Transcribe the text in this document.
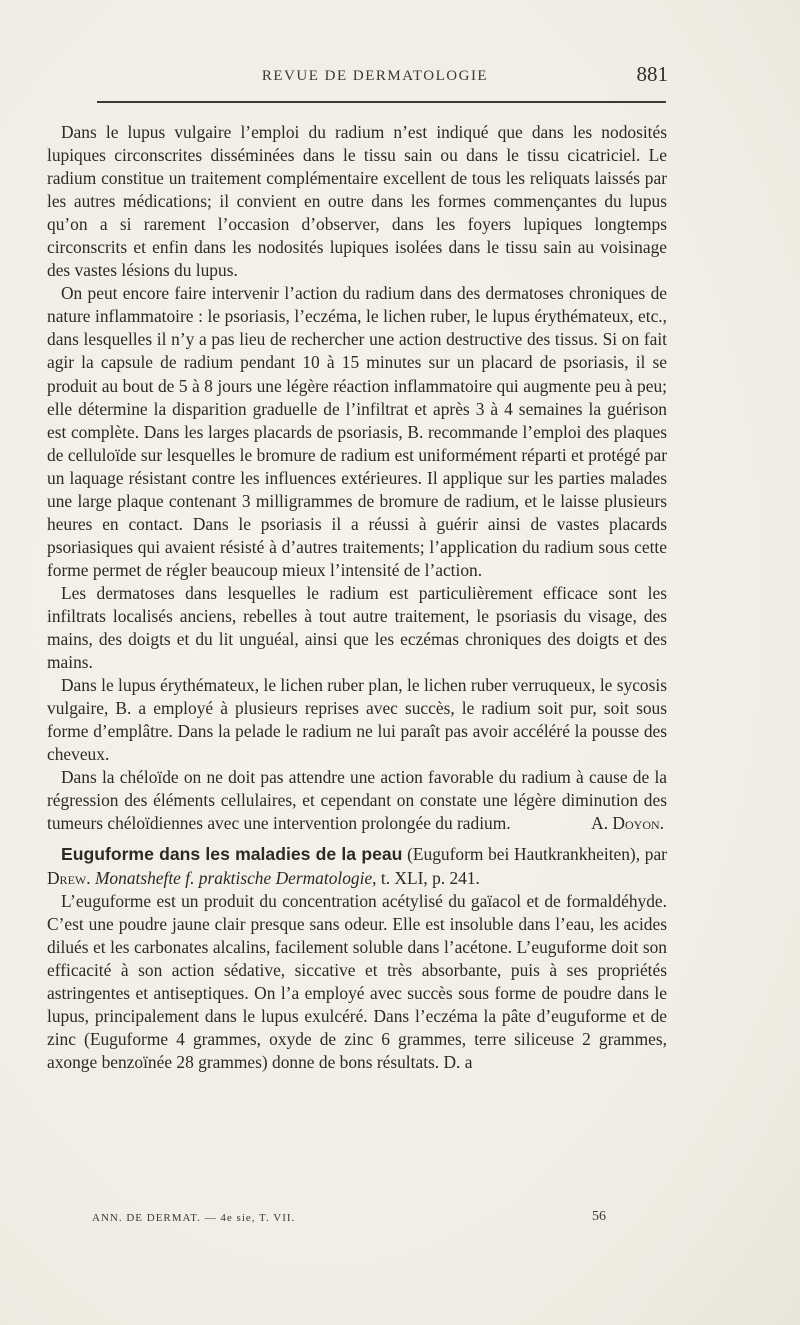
REVUE DE DERMATOLOGIE	881

Dans le lupus vulgaire l’emploi du radium n’est indiqué que dans les nodosités lupiques circonscrites disséminées dans le tissu sain ou dans le tissu cicatriciel. Le radium constitue un traitement complémentaire excellent de tous les reliquats laissés par les autres médications; il convient en outre dans les formes commençantes du lupus qu’on a si rarement l’occasion d’observer, dans les foyers lupiques longtemps circonscrits et enfin dans les nodosités lupiques isolées dans le tissu sain au voisinage des vastes lésions du lupus.

On peut encore faire intervenir l’action du radium dans des dermatoses chroniques de nature inflammatoire : le psoriasis, l’eczéma, le lichen ruber, le lupus érythémateux, etc., dans lesquelles il n’y a pas lieu de rechercher une action destructive des tissus. Si on fait agir la capsule de radium pendant 10 à 15 minutes sur un placard de psoriasis, il se produit au bout de 5 à 8 jours une légère réaction inflammatoire qui augmente peu à peu; elle détermine la disparition graduelle de l’infiltrat et après 3 à 4 semaines la guérison est complète. Dans les larges placards de psoriasis, B. recommande l’emploi des plaques de celluloïde sur lesquelles le bromure de radium est uniformément réparti et protégé par un laquage résistant contre les influences extérieures. Il applique sur les parties malades une large plaque contenant 3 milligrammes de bromure de radium, et le laisse plusieurs heures en contact. Dans le psoriasis il a réussi à guérir ainsi de vastes placards psoriasiques qui avaient résisté à d’autres traitements; l’application du radium sous cette forme permet de régler beaucoup mieux l’intensité de l’action.

Les dermatoses dans lesquelles le radium est particulièrement efficace sont les infiltrats localisés anciens, rebelles à tout autre traitement, le psoriasis du visage, des mains, des doigts et du lit unguéal, ainsi que les eczémas chroniques des doigts et des mains.

Dans le lupus érythémateux, le lichen ruber plan, le lichen ruber verruqueux, le sycosis vulgaire, B. a employé à plusieurs reprises avec succès, le radium soit pur, soit sous forme d’emplâtre. Dans la pelade le radium ne lui paraît pas avoir accéléré la pousse des cheveux.

Dans la chéloïde on ne doit pas attendre une action favorable du radium à cause de la régression des éléments cellulaires, et cependant on constate une légère diminution des tumeurs chéloïdiennes avec une intervention prolongée du radium.	A. Doyon.

Euguforme dans les maladies de la peau (Euguform bei Hautkrankheiten), par Drew. Monatshefte f. praktische Dermatologie, t. XLI, p. 241.

L’euguforme est un produit du concentration acétylisé du gaïacol et de formaldéhyde. C’est une poudre jaune clair presque sans odeur. Elle est insoluble dans l’eau, les acides dilués et les carbonates alcalins, facilement soluble dans l’acétone. L’euguforme doit son efficacité à son action sédative, siccative et très absorbante, puis à ses propriétés astringentes et antiseptiques. On l’a employé avec succès sous forme de poudre dans le lupus, principalement dans le lupus exulcéré. Dans l’eczéma la pâte d’euguforme et de zinc (Euguforme 4 grammes, oxyde de zinc 6 grammes, terre siliceuse 2 grammes, axonge benzoïnée 28 grammes) donne de bons résultats. D. a

ANN. DE DERMAT. — 4e sie, T. VII.	56
